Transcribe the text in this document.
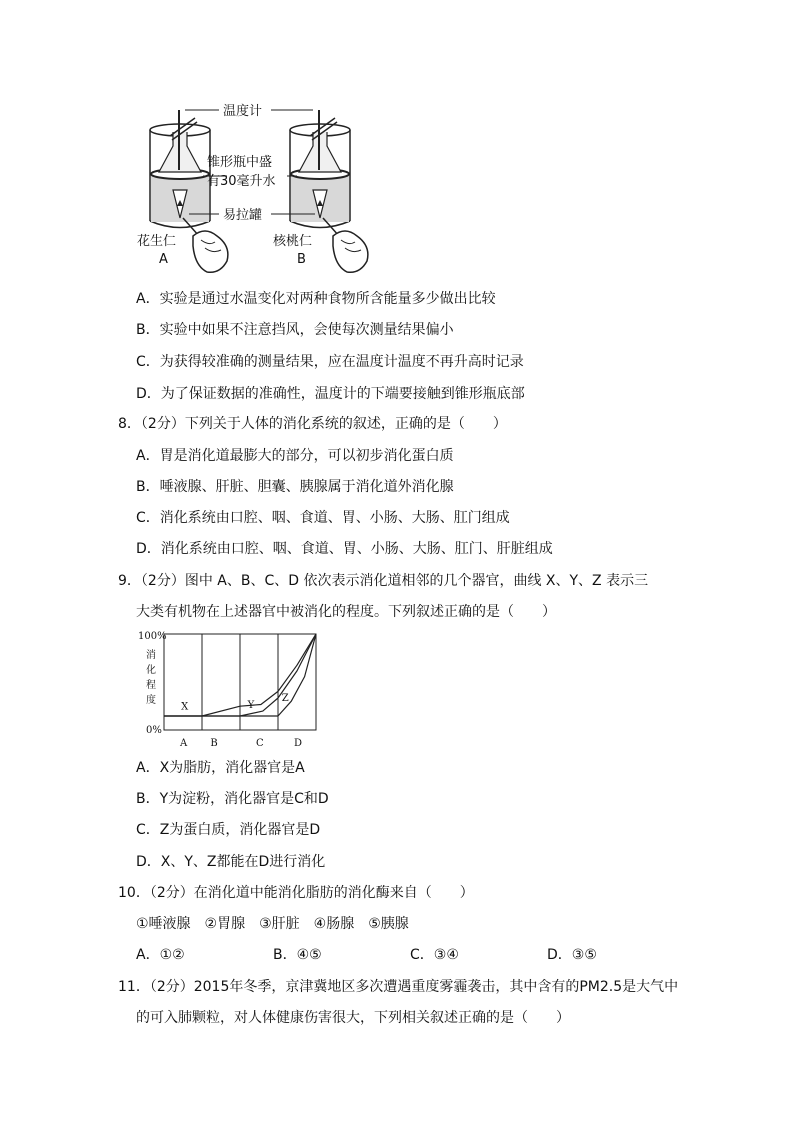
温度计
锥形瓶中盛
有30毫升水
易拉罐
花生仁
A
核桃仁
B
A．实验是通过水温变化对两种食物所含能量多少做出比较
B．实验中如果不注意挡风，会使每次测量结果偏小
C．为获得较准确的测量结果，应在温度计温度不再升高时记录
D．为了保证数据的准确性，温度计的下端要接触到锥形瓶底部
8．（2分）下列关于人体的消化系统的叙述，正确的是（　　）
A．胃是消化道最膨大的部分，可以初步消化蛋白质
B．唾液腺、肝脏、胆囊、胰腺属于消化道外消化腺
C．消化系统由口腔、咽、食道、胃、小肠、大肠、肛门组成
D．消化系统由口腔、咽、食道、胃、小肠、大肠、肛门、肝脏组成
9．（2分）图中 A、B、C、D 依次表示消化道相邻的几个器官，曲线 X、Y、Z 表示三
大类有机物在上述器官中被消化的程度。下列叙述正确的是（　　）
100%
0%
消
化
程
度
A B	C	D
X	Y
Z
A．X为脂肪，消化器官是A
B．Y为淀粉，消化器官是C和D
C．Z为蛋白质，消化器官是D
D．X、Y、Z都能在D进行消化
10．（2分）在消化道中能消化脂肪的消化酶来自（　　）
①唾液腺　②胃腺　③肝脏　④肠腺　⑤胰腺
A．①②	B．④⑤	C．③④	D．③⑤
11．（2分）2015年冬季，京津冀地区多次遭遇重度雾霾袭击，其中含有的PM2.5是大气中
的可入肺颗粒，对人体健康伤害很大，下列相关叙述正确的是（　　）
